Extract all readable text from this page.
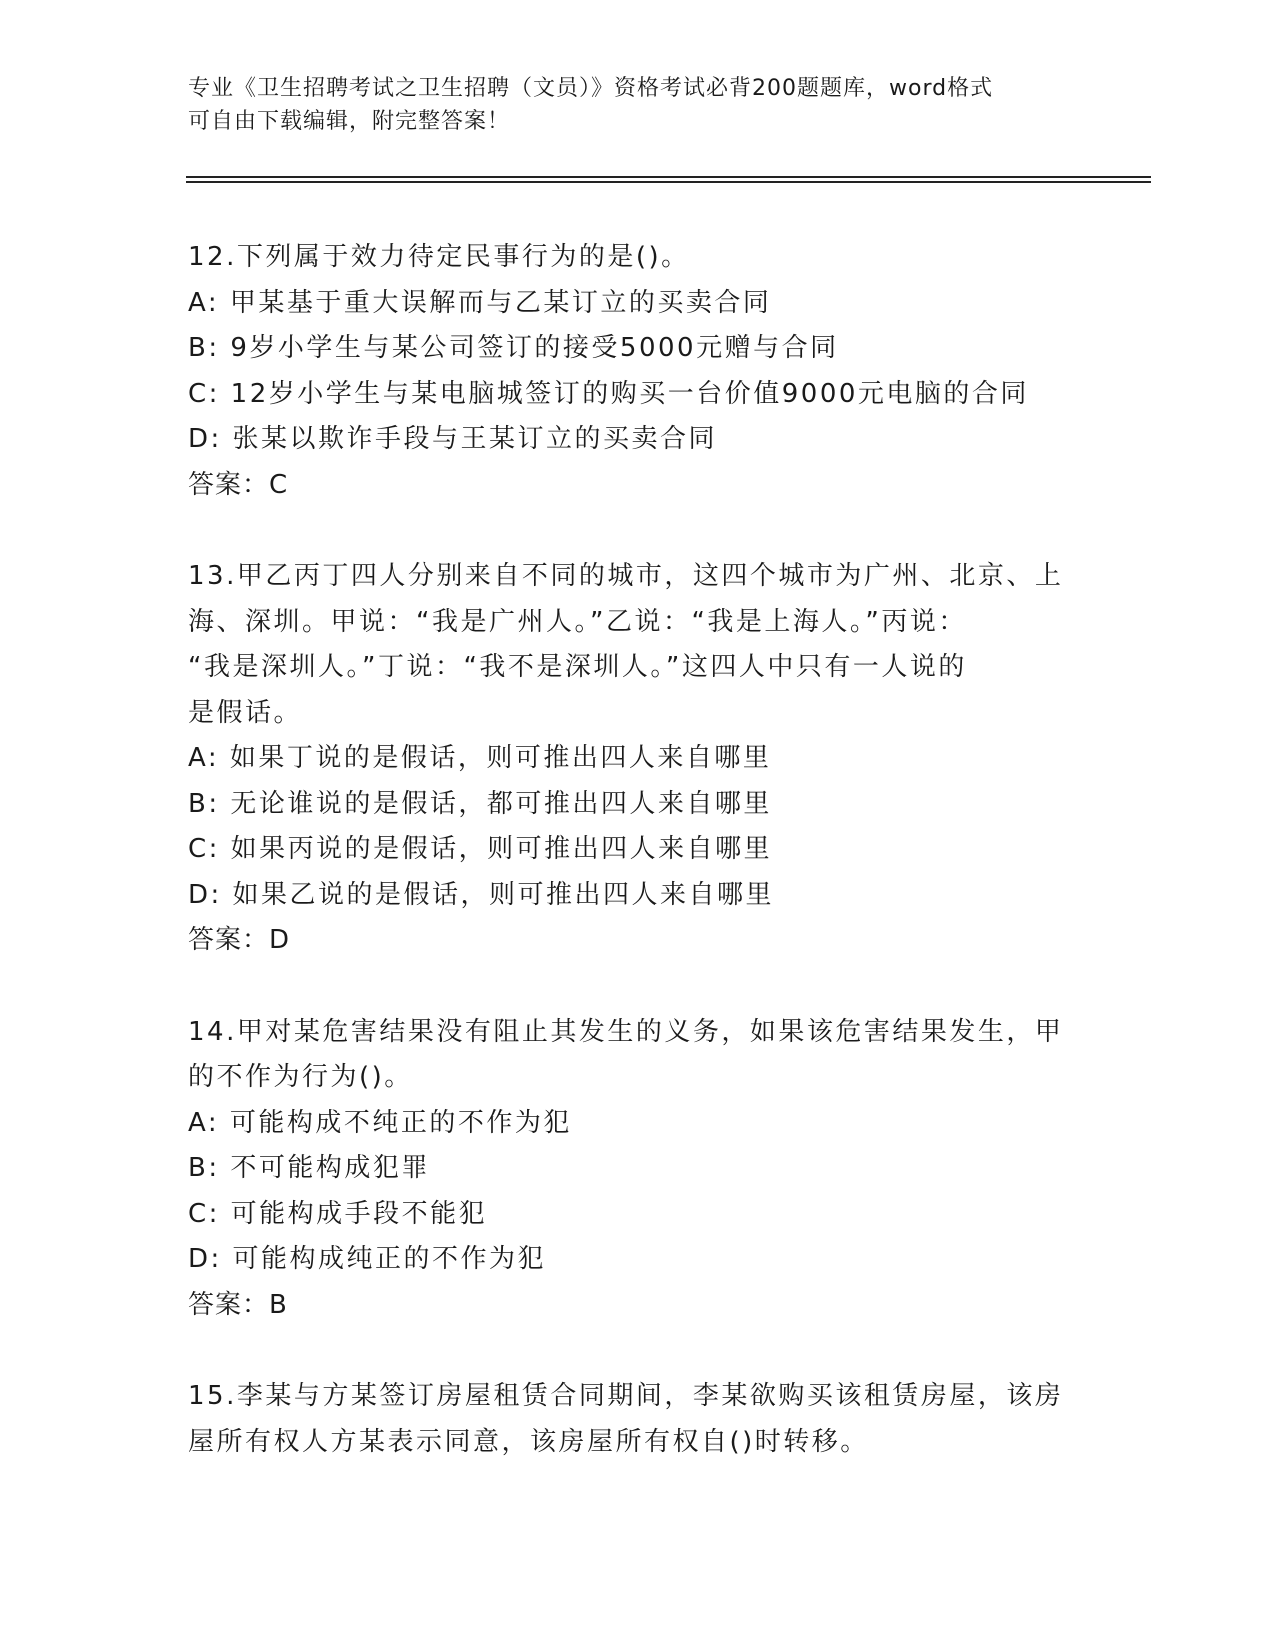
专业《卫生招聘考试之卫生招聘（文员）》资格考试必背200题题库，word格式
可自由下载编辑，附完整答案！
12.下列属于效力待定民事行为的是()。
A: 甲某基于重大误解而与乙某订立的买卖合同
B: 9岁小学生与某公司签订的接受5000元赠与合同
C: 12岁小学生与某电脑城签订的购买一台价值9000元电脑的合同
D: 张某以欺诈手段与王某订立的买卖合同
答案：C
13.甲乙丙丁四人分别来自不同的城市，这四个城市为广州、北京、上
海、深圳。甲说：“我是广州人。”乙说：“我是上海人。”丙说：
“我是深圳人。”丁说：“我不是深圳人。”这四人中只有一人说的
是假话。
A: 如果丁说的是假话，则可推出四人来自哪里
B: 无论谁说的是假话，都可推出四人来自哪里
C: 如果丙说的是假话，则可推出四人来自哪里
D: 如果乙说的是假话，则可推出四人来自哪里
答案：D
14.甲对某危害结果没有阻止其发生的义务，如果该危害结果发生，甲
的不作为行为()。
A: 可能构成不纯正的不作为犯
B: 不可能构成犯罪
C: 可能构成手段不能犯
D: 可能构成纯正的不作为犯
答案：B
15.李某与方某签订房屋租赁合同期间，李某欲购买该租赁房屋，该房
屋所有权人方某表示同意，该房屋所有权自()时转移。
